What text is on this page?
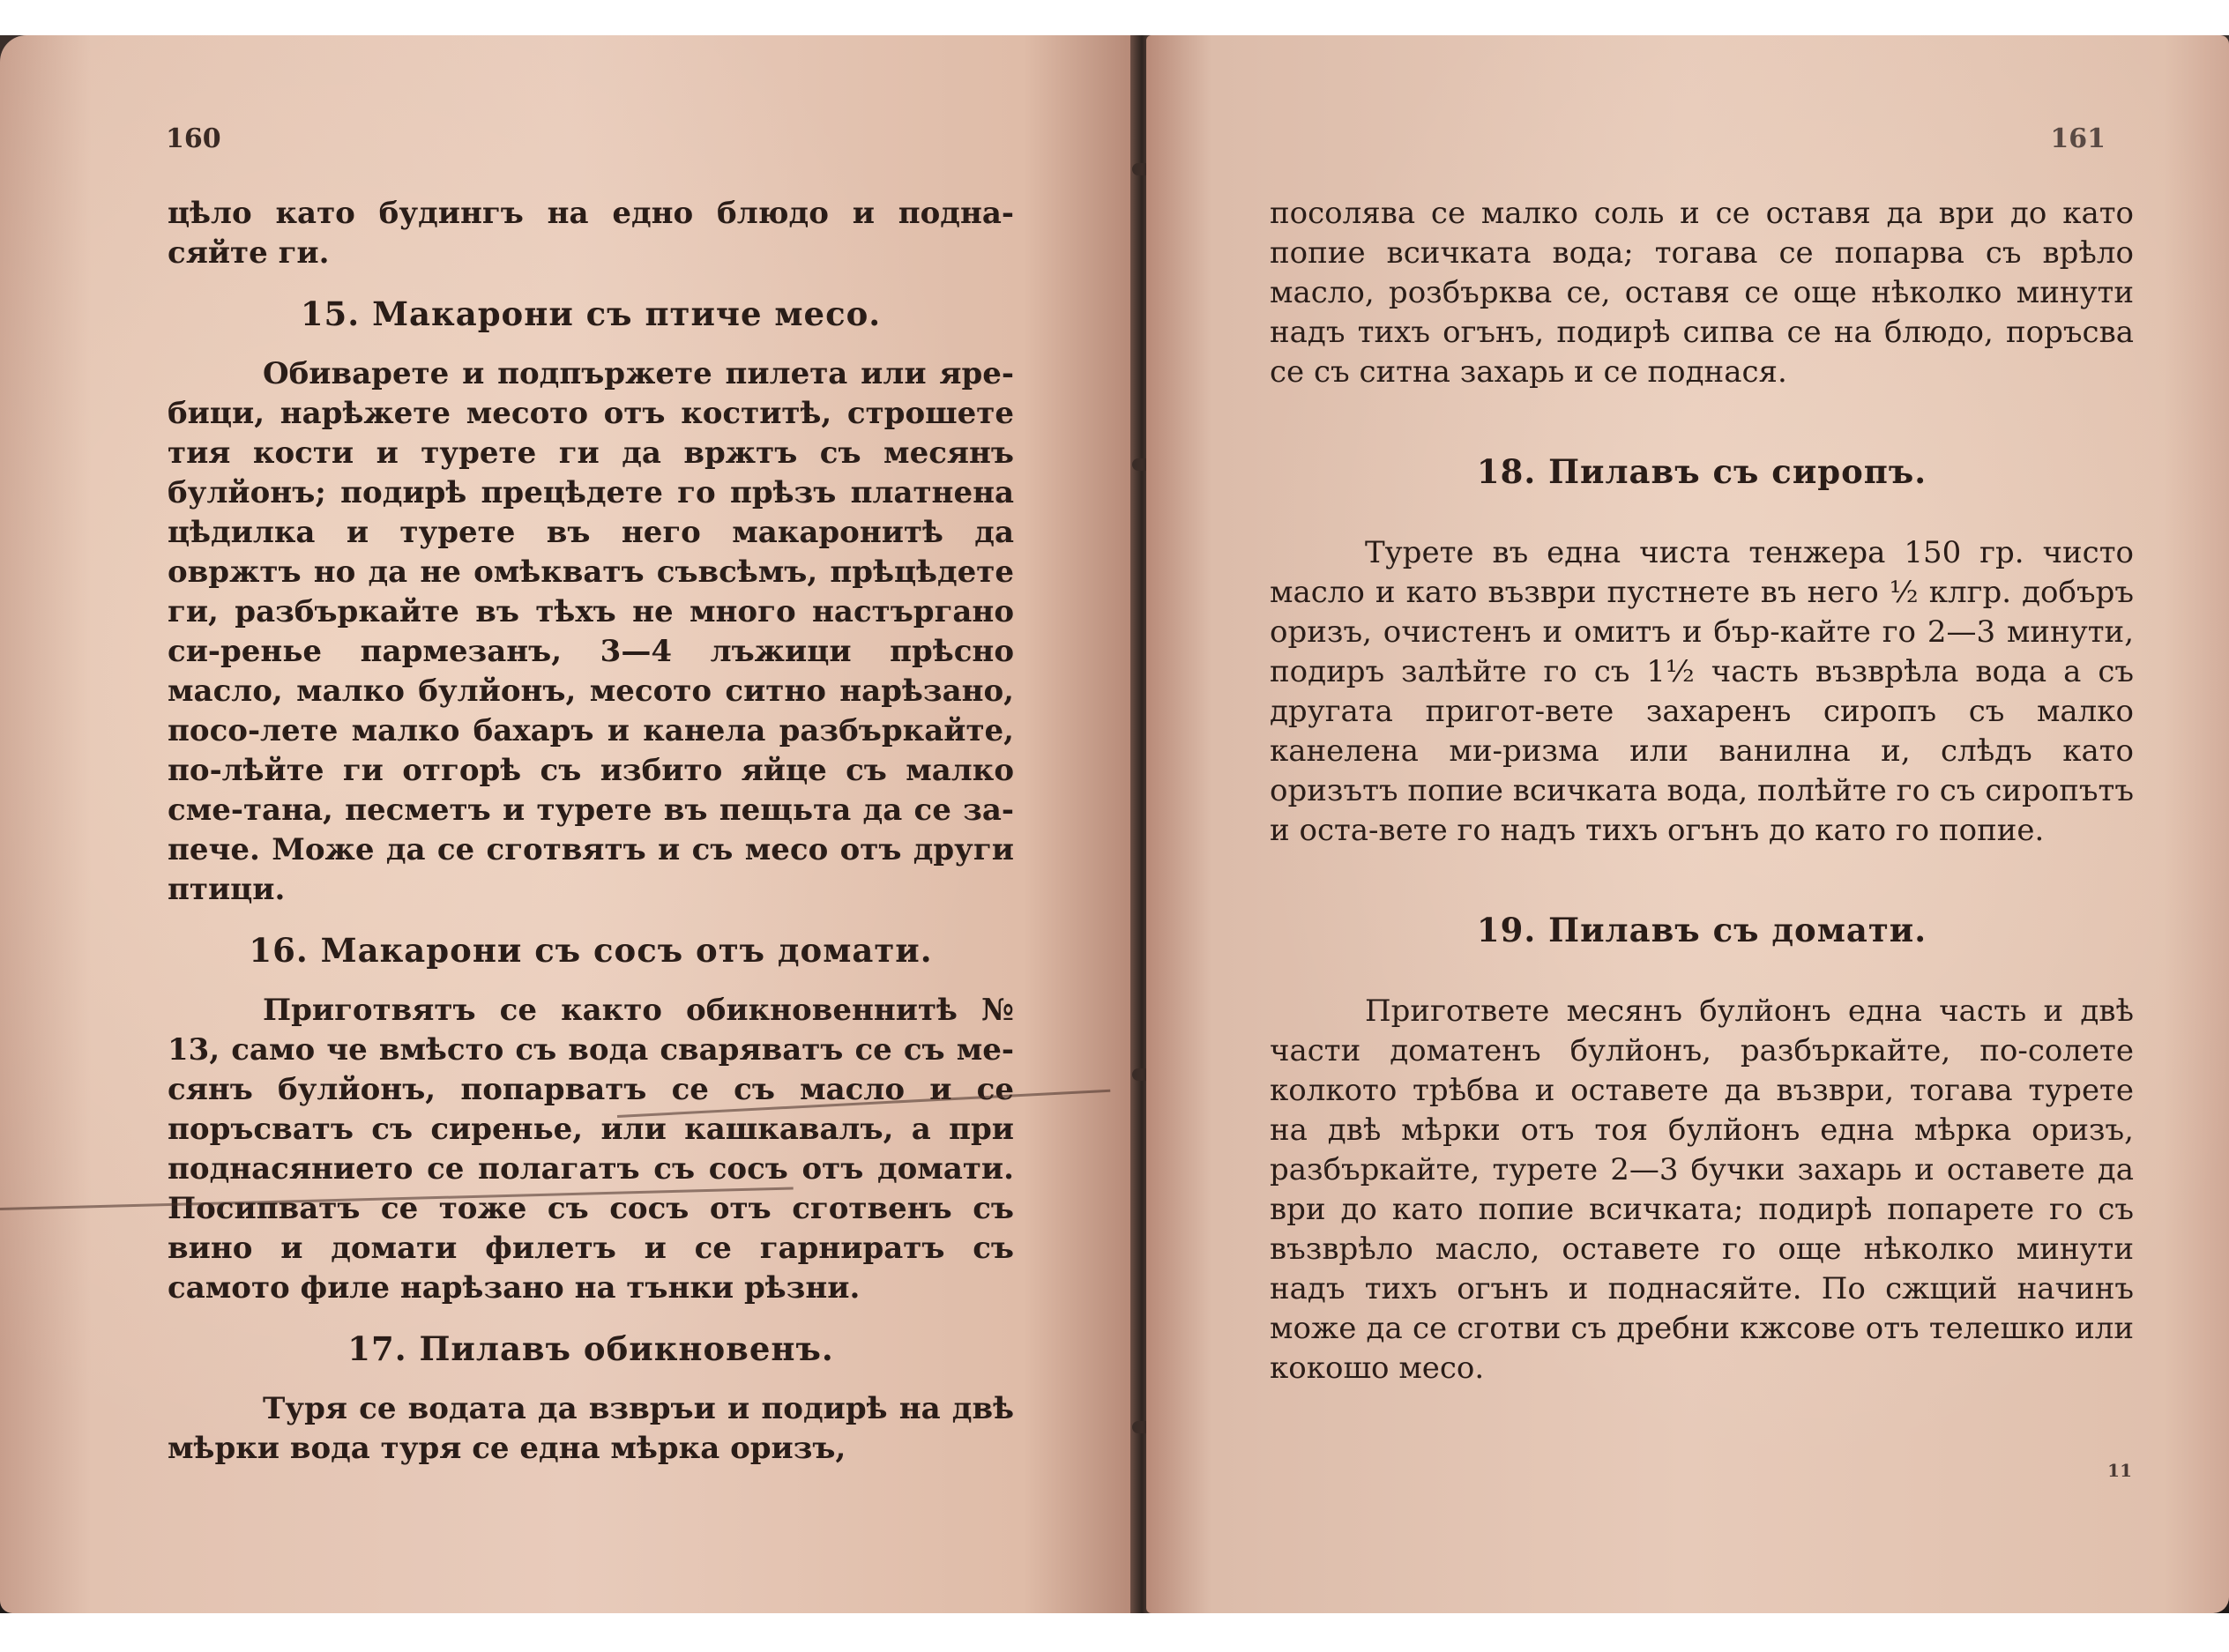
160

цѣло като будингъ на едно блюдо и подна-сяйте ги.

15. Макарони съ птиче мeсо.

Обиварете и подпържете пилета или яре-бици, нарѣжете месото отъ коститѣ, строшете тия кости и турете ги да вржтъ съ месянъ булйонъ; подирѣ прецѣдете го прѣзъ платнена цѣдилка и турете въ него макаронитѣ да овржтъ но да не омѣкватъ съвсѣмъ, прѣцѣдете ги, разбъркайте въ тѣхъ не много настъргано си-ренье пармезанъ, 3—4 лъжици прѣсно масло, малко булйонъ, месото ситно нарѣзано, посо-лете малко бахаръ и канела разбъркайте, по-лѣйте ги отгорѣ съ избито яйце съ малко сме-тана, песметъ и турете въ пещьта да се за-пече. Може да се сготвятъ и съ месо отъ други птици.

16. Макарони съ сосъ отъ домати.

Приготвятъ се както обикновеннитѣ № 13, само че вмѣсто съ вода сваряватъ се съ ме-сянъ булйонъ, попарватъ се съ масло и се поръсватъ съ сиренье, или кашкавалъ, а при поднасянието се полагатъ съ сосъ отъ домати. Посипватъ се тоже съ сосъ отъ сготвенъ съ вино и домати филетъ и се гарниратъ съ самото филе нарѣзано на тънки рѣзни.

17. Пилавъ обикновенъ.

Туря се водата да взвръи и подирѣ на двѣ мѣрки вода туря се една мѣрка оризъ,

161

посолява се малко соль и се оставя да ври до като попие всичката вода; тогава се попарва съ врѣло масло, розбърква се, оставя се още нѣколко минути надъ тихъ огънъ, подирѣ сипва се на блюдо, поръсва се съ ситна захарь и се поднася.

18. Пилавъ съ сиропъ.

Турете въ една чиста тенжера 150 гр. чисто масло и като възври пустнете въ него ½ клгр. добъръ оризъ, очистенъ и омитъ и бър-кайте го 2—3 минути, подиръ залѣйте го съ 1½ часть възврѣла вода а съ другата пригот-вете захаренъ сиропъ съ малко канелена ми-ризма или ванилна и, слѣдъ като оризътъ попие всичката вода, полѣйте го съ сиропътъ и оста-вете го надъ тихъ огънъ до като го попие.

19. Пилавъ съ домати.

Пригответе месянъ булйонъ една часть и двѣ части доматенъ булйонъ, разбъркайте, по-солете колкото трѣбва и оставете да възври, тогава турете на двѣ мѣрки отъ тоя булйонъ една мѣрка оризъ, разбъркайте, турете 2—3 бучки захарь и оставете да ври до като попие всичката; подирѣ попарете го съ възврѣло масло, оставете го още нѣколко минути надъ тихъ огънъ и поднасяйте. По сжщий начинъ може да се сготви съ дребни кжсове отъ телешко или кокошо месо.

11
